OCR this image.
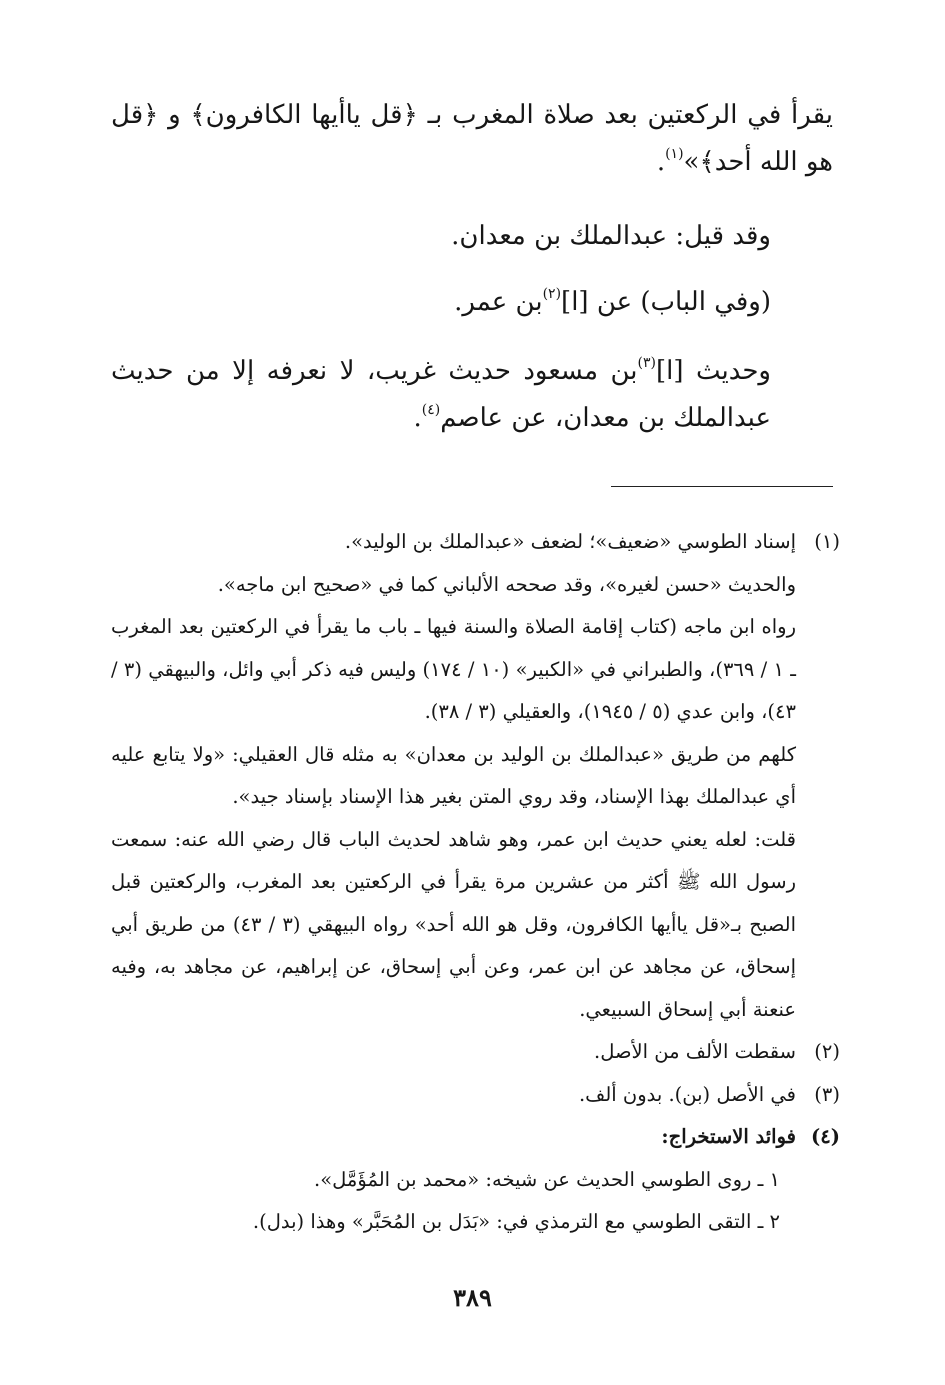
يقرأ في الركعتين بعد صلاة المغرب بـ ﴿قل ياأيها الكافرون﴾ و ﴿قل هو الله أحد﴾»$^{(١)}$.

وقد قيل: عبدالملك بن معدان.

(وفي الباب) عن [ا]$^{(٢)}$بن عمر.

وحديث [ا]$^{(٣)}$بن مسعود حديث غريب، لا نعرفه إلا من حديث عبدالملك بن معدان، عن عاصم$^{(٤)}$.

(١)

إسناد الطوسي «ضعيف»؛ لضعف «عبدالملك بن الوليد».

والحديث «حسن لغيره»، وقد صححه الألباني كما في «صحيح ابن ماجه».

رواه ابن ماجه (كتاب إقامة الصلاة والسنة فيها ـ باب ما يقرأ في الركعتين بعد المغرب ـ ١ / ٣٦٩)، والطبراني في «الكبير» (١٠ / ١٧٤) وليس فيه ذكر أبي وائل، والبيهقي (٣ / ٤٣)، وابن عدي (٥ / ١٩٤٥)، والعقيلي (٣ / ٣٨).

كلهم من طريق «عبدالملك بن الوليد بن معدان» به مثله قال العقيلي: «ولا يتابع عليه أي عبدالملك بهذا الإسناد، وقد روي المتن بغير هذا الإسناد بإسناد جيد».

قلت: لعله يعني حديث ابن عمر، وهو شاهد لحديث الباب قال رضي الله عنه: سمعت رسول الله ﷺ أكثر من عشرين مرة يقرأ في الركعتين بعد المغرب، والركعتين قبل الصبح بـ«قل ياأيها الكافرون، وقل هو الله أحد» رواه البيهقي (٣ / ٤٣) من طريق أبي إسحاق، عن مجاهد عن ابن عمر، وعن أبي إسحاق، عن إبراهيم، عن مجاهد به، وفيه عنعنة أبي إسحاق السبيعي.

(٢)
سقطت الألف من الأصل.
(٣)
في الأصل (بن). بدون ألف.
(٤)

فوائد الاستخراج:

١ ـ روى الطوسي الحديث عن شيخه: «محمد بن المُؤَمَّل».

٢ ـ التقى الطوسي مع الترمذي في: «بَدَل بن المُحَبَّر» وهذا (بدل).

٣٨٩
